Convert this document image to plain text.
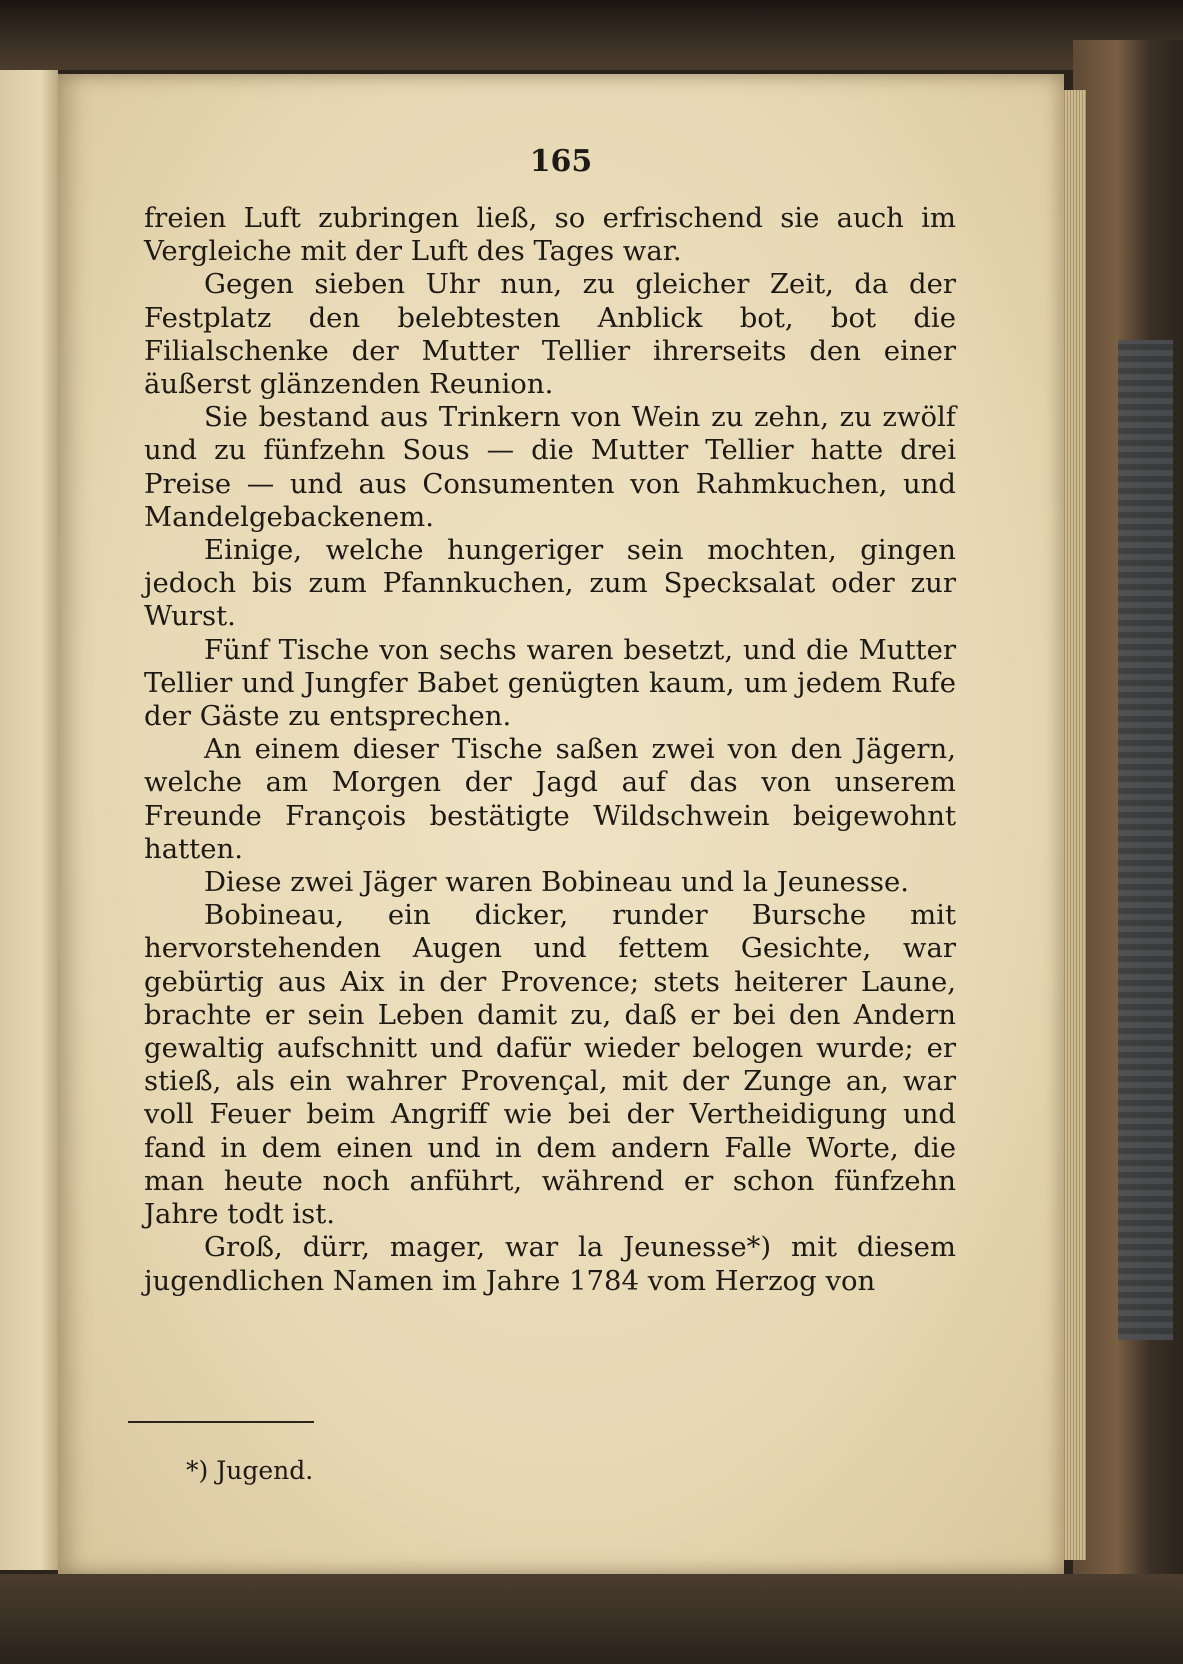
165

freien Luft zubringen ließ, so erfrischend sie auch im Vergleiche mit der Luft des Tages war.

Gegen sieben Uhr nun, zu gleicher Zeit, da der Festplatz den belebtesten Anblick bot, bot die Filialschenke der Mutter Tellier ihrerseits den einer äußerst glänzenden Reunion.

Sie bestand aus Trinkern von Wein zu zehn, zu zwölf und zu fünfzehn Sous — die Mutter Tellier hatte drei Preise — und aus Consumenten von Rahmkuchen, und Mandelgebackenem.

Einige, welche hungeriger sein mochten, gingen jedoch bis zum Pfannkuchen, zum Specksalat oder zur Wurst.

Fünf Tische von sechs waren besetzt, und die Mutter Tellier und Jungfer Babet genügten kaum, um jedem Rufe der Gäste zu entsprechen.

An einem dieser Tische saßen zwei von den Jägern, welche am Morgen der Jagd auf das von unserem Freunde François bestätigte Wildschwein beigewohnt hatten.

Diese zwei Jäger waren Bobineau und la Jeunesse.

Bobineau, ein dicker, runder Bursche mit hervorstehenden Augen und fettem Gesichte, war gebürtig aus Aix in der Provence; stets heiterer Laune, brachte er sein Leben damit zu, daß er bei den Andern gewaltig aufschnitt und dafür wieder belogen wurde; er stieß, als ein wahrer Provençal, mit der Zunge an, war voll Feuer beim Angriff wie bei der Vertheidigung und fand in dem einen und in dem andern Falle Worte, die man heute noch anführt, während er schon fünfzehn Jahre todt ist.

Groß, dürr, mager, war la Jeunesse*) mit diesem jugendlichen Namen im Jahre 1784 vom Herzog von

*) Jugend.
